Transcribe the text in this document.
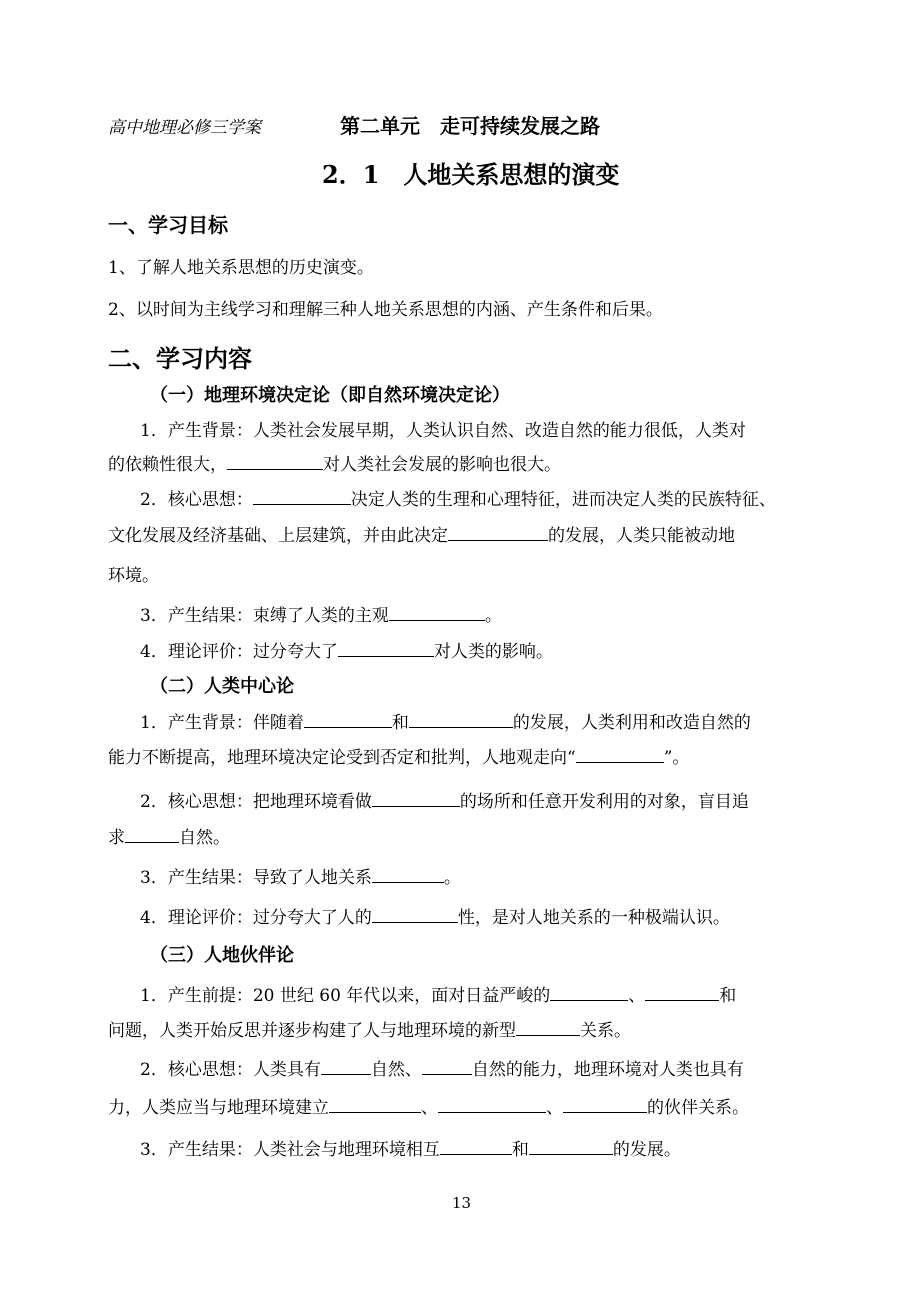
高中地理必修三学案	第二单元　走可持续发展之路
2．1　人地关系思想的演变
一、学习目标
1、了解人地关系思想的历史演变。
2、以时间为主线学习和理解三种人地关系思想的内涵、产生条件和后果。
二、学习内容
（一）地理环境决定论（即自然环境决定论）
1．产生背景：人类社会发展早期，人类认识自然、改造自然的能力很低，人类对
的依赖性很大，	对人类社会发展的影响也很大。
2．核心思想：	决定人类的生理和心理特征，进而决定人类的民族特征、
文化发展及经济基础、上层建筑，并由此决定	的发展，人类只能被动地
环境。
3．产生结果：束缚了人类的主观	。
4．理论评价：过分夸大了	对人类的影响。
（二）人类中心论
1．产生背景：伴随着	和	的发展，人类利用和改造自然的
能力不断提高，地理环境决定论受到否定和批判，人地观走向“	”。
2．核心思想：把地理环境看做	的场所和任意开发利用的对象，盲目追
求	自然。
3．产生结果：导致了人地关系	。
4．理论评价：过分夸大了人的	性，是对人地关系的一种极端认识。
（三）人地伙伴论
1．产生前提：20 世纪 60 年代以来，面对日益严峻的	、	和
问题，人类开始反思并逐步构建了人与地理环境的新型	关系。
2．核心思想：人类具有	自然、	自然的能力，地理环境对人类也具有
力，人类应当与地理环境建立	、	、	的伙伴关系。
3．产生结果：人类社会与地理环境相互	和	的发展。
13
